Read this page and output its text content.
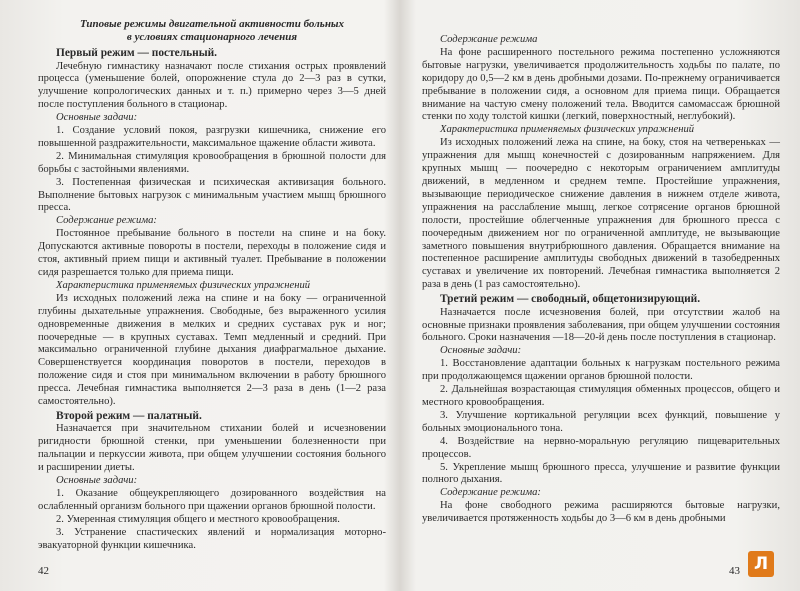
Типовые режимы двигательной активности больных
в условиях стационарного лечения

Первый режим — постельный.

Лечебную гимнастику назначают после стихания острых проявлений процесса (уменьшение болей, опорожнение стула до 2—3 раз в сутки, улучшение копрологических данных и т. п.) примерно через 3—5 дней после поступления больного в стационар.

Основные задачи:

1. Создание условий покоя, разгрузки кишечника, снижение его повышенной раздражительности, максимальное щажение области живота.

2. Минимальная стимуляция кровообращения в брюшной полости для борьбы с застойными явлениями.

3. Постепенная физическая и психическая активизация больного. Выполнение бытовых нагрузок с минимальным участием мышц брюшного пресса.

Содержание режима:

Постоянное пребывание больного в постели на спине и на боку. Допускаются активные повороты в постели, переходы в положение сидя и стоя, активный прием пищи и активный туалет. Пребывание в положении сидя разрешается только для приема пищи.

Характеристика применяемых физических упражнений

Из исходных положений лежа на спине и на боку — ограниченной глубины дыхательные упражнения. Свободные, без выраженного усилия одновременные движения в мелких и средних суставах рук и ног; поочередные — в крупных суставах. Темп медленный и средний. При максимально ограниченной глубине дыхания диафрагмальное дыхание. Совершенствуется координация поворотов в постели, переходов в положение сидя и стоя при минимальном включении в работу брюшного пресса. Лечебная гимнастика выполняется 2—3 раза в день (1—2 раза самостоятельно).

Второй режим — палатный.

Назначается при значительном стихании болей и исчезновении ригидности брюшной стенки, при уменьшении болезненности при пальпации и перкуссии живота, при общем улучшении состояния больного и расширении диеты.

Основные задачи:

1. Оказание общеукрепляющего дозированного воздействия на ослабленный организм больного при щажении органов брюшной полости.

2. Умеренная стимуляция общего и местного кровообращения.

3. Устранение спастических явлений и нормализация моторно-эвакуаторной функции кишечника.

42

Содержание режима

На фоне расширенного постельного режима постепенно усложняются бытовые нагрузки, увеличивается продолжительность ходьбы по палате, по коридору до 0,5—2 км в день дробными дозами. По-прежнему ограничивается пребывание в положении сидя, а основном для приема пищи. Обращается внимание на частую смену положений тела. Вводится самомассаж брюшной стенки по ходу толстой кишки (легкий, поверхностный, неглубокий).

Характеристика применяемых физических упражнений

Из исходных положений лежа на спине, на боку, стоя на четвереньках — упражнения для мышц конечностей с дозированным напряжением. Для крупных мышц — поочередно с некоторым ограничением амплитуды движений, в медленном и среднем темпе. Простейшие упражнения, вызывающие периодическое снижение давления в нижнем отделе живота, упражнения на расслабление мышц, легкое сотрясение органов брюшной полости, простейшие облегченные упражнения для брюшного пресса с поочередным движением ног по ограниченной амплитуде, не вызывающие заметного повышения внутрибрюшного давления. Обращается внимание на постепенное расширение амплитуды свободных движений в тазобедренных суставах и увеличение их повторений. Лечебная гимнастика выполняется 2 раза в день (1 раз самостоятельно).

Третий режим — свободный, общетонизирующий.

Назначается после исчезновения болей, при отсутствии жалоб на основные признаки проявления заболевания, при общем улучшении состояния больного. Сроки назначения —18—20-й день после поступления в стационар.

Основные задачи:

1. Восстановление адаптации больных к нагрузкам постельного режима при продолжающемся щажении органов брюшной полости.

2. Дальнейшая возрастающая стимуляция обменных процессов, общего и местного кровообращения.

3. Улучшение кортикальной регуляции всех функций, повышение у больных эмоционального тона.

4. Воздействие на нервно-моральную регуляцию пищеварительных процессов.

5. Укрепление мышц брюшного пресса, улучшение и развитие функции полного дыхания.

Содержание режима:

На фоне свободного режима расширяются бытовые нагрузки, увеличивается протяженность ходьбы до 3—6 км в день дробными

43 Л
